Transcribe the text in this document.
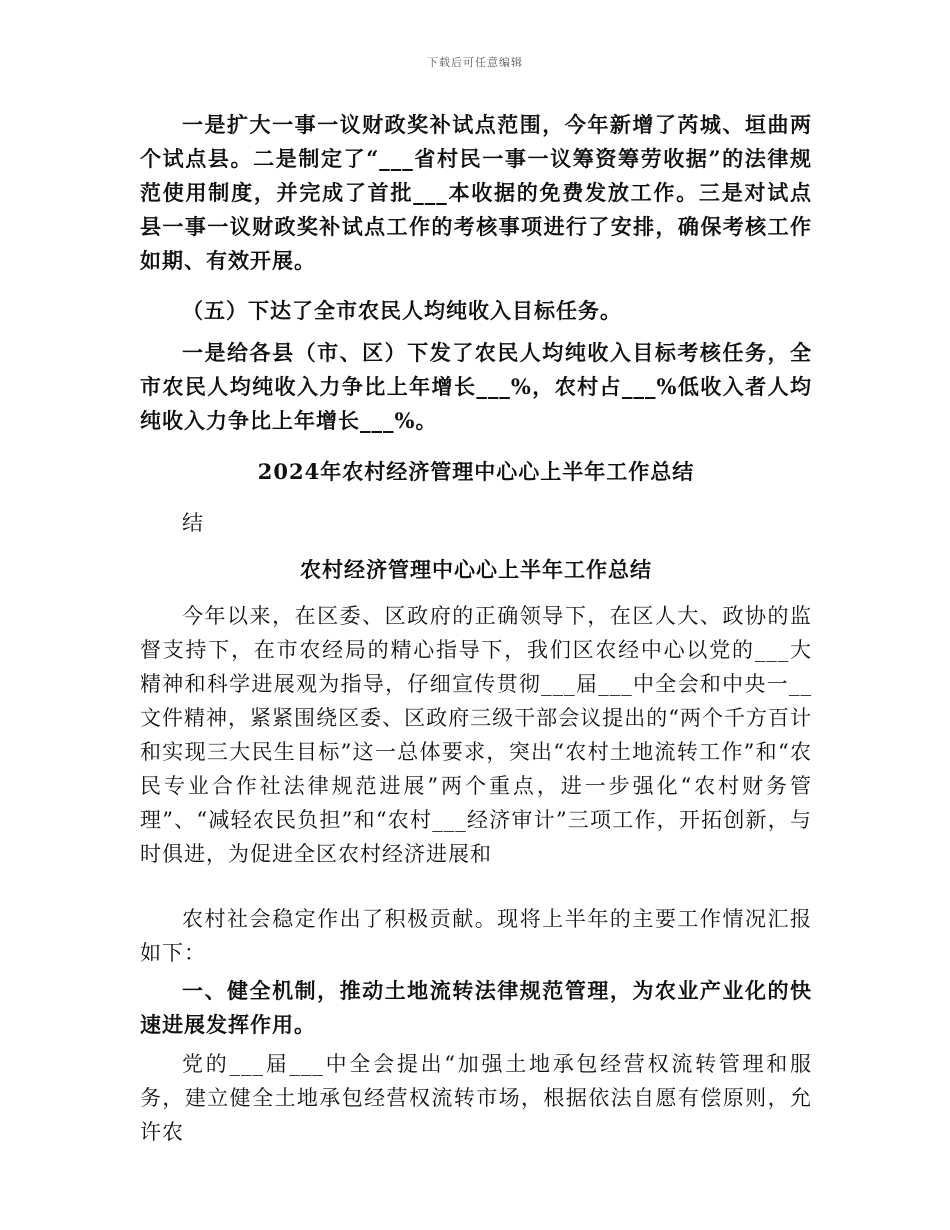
下载后可任意编辑

一是扩大一事一议财政奖补试点范围，今年新增了芮城、垣曲两个试点县。二是制定了“___省村民一事一议筹资筹劳收据”的法律规范使用制度，并完成了首批___本收据的免费发放工作。三是对试点县一事一议财政奖补试点工作的考核事项进行了安排，确保考核工作如期、有效开展。

（五）下达了全市农民人均纯收入目标任务。

一是给各县（市、区）下发了农民人均纯收入目标考核任务，全市农民人均纯收入力争比上年增长___%，农村占___%低收入者人均纯收入力争比上年增长___%。

2024年农村经济管理中心心上半年工作总结

结

农村经济管理中心心上半年工作总结

今年以来，在区委、区政府的正确领导下，在区人大、政协的监督支持下，在市农经局的精心指导下，我们区农经中心以党的___大精神和科学进展观为指导，仔细宣传贯彻___届___中全会和中央一__文件精神，紧紧围绕区委、区政府三级干部会议提出的“两个千方百计和实现三大民生目标”这一总体要求，突出“农村土地流转工作”和“农民专业合作社法律规范进展”两个重点，进一步强化“农村财务管理”、“减轻农民负担”和“农村___经济审计”三项工作，开拓创新，与时俱进，为促进全区农村经济进展和

农村社会稳定作出了积极贡献。现将上半年的主要工作情况汇报如下：

一、健全机制，推动土地流转法律规范管理，为农业产业化的快速进展发挥作用。

党的___届___中全会提出“加强土地承包经营权流转管理和服务，建立健全土地承包经营权流转市场，根据依法自愿有偿原则，允许农
